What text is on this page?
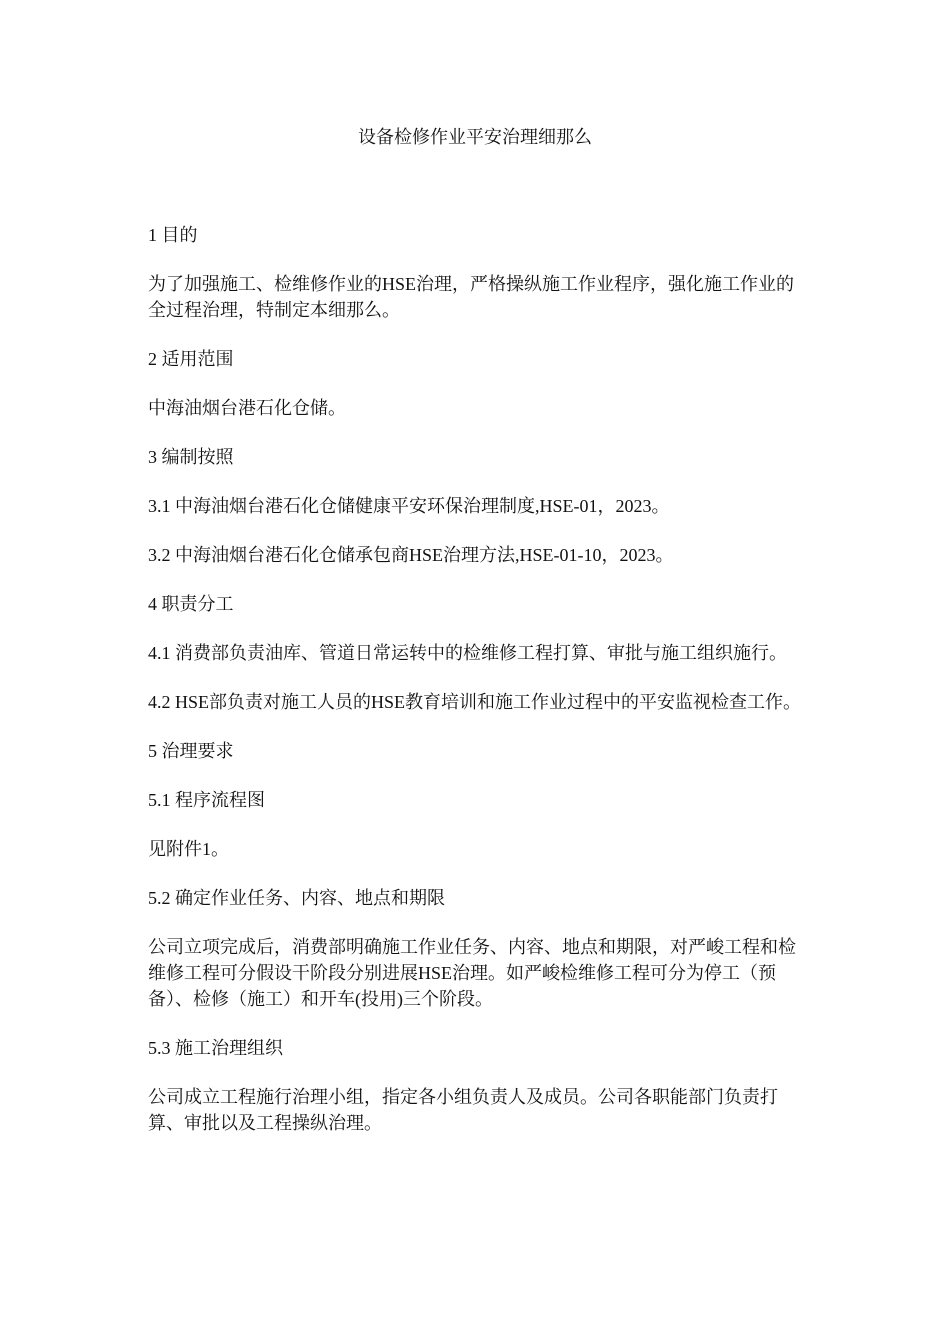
设备检修作业平安治理细那么

1 目的

为了加强施工、检维修作业的HSE治理，严格操纵施工作业程序，强化施工作业的全过程治理，特制定本细那么。

2 适用范围

中海油烟台港石化仓储。

3 编制按照

3.1 中海油烟台港石化仓储健康平安环保治理制度,HSE-01，2023。

3.2 中海油烟台港石化仓储承包商HSE治理方法,HSE-01-10，2023。

4 职责分工

4.1 消费部负责油库、管道日常运转中的检维修工程打算、审批与施工组织施行。

4.2 HSE部负责对施工人员的HSE教育培训和施工作业过程中的平安监视检查工作。

5 治理要求

5.1 程序流程图

见附件1。

5.2 确定作业任务、内容、地点和期限

公司立项完成后，消费部明确施工作业任务、内容、地点和期限，对严峻工程和检维修工程可分假设干阶段分别进展HSE治理。如严峻检维修工程可分为停工（预备）、检修（施工）和开车(投用)三个阶段。

5.3 施工治理组织

公司成立工程施行治理小组，指定各小组负责人及成员。公司各职能部门负责打算、审批以及工程操纵治理。
